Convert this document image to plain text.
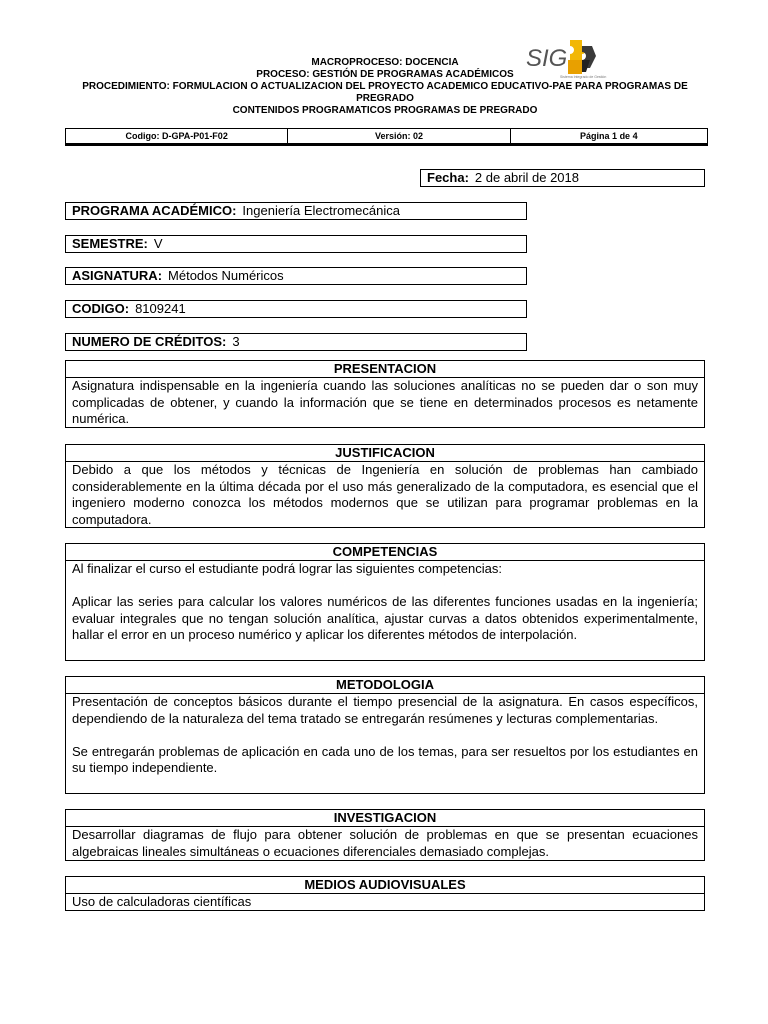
MACROPROCESO: DOCENCIA
PROCESO: GESTIÓN DE PROGRAMAS ACADÉMICOS
PROCEDIMIENTO: FORMULACION O ACTUALIZACION DEL PROYECTO ACADEMICO EDUCATIVO-PAE PARA PROGRAMAS DE
PREGRADO
CONTENIDOS PROGRAMATICOS PROGRAMAS DE PREGRADO
SIG
Sistema Integrado de Gestión
Codigo: D-GPA-P01-F02	Versión: 02	Página 1 de 4
Fecha: 2 de abril de 2018
PROGRAMA ACADÉMICO: Ingeniería Electromecánica
SEMESTRE: V
ASIGNATURA: Métodos Numéricos
CODIGO: 8109241
NUMERO DE CRÉDITOS: 3
PRESENTACION

Asignatura indispensable en la ingeniería cuando las soluciones analíticas no se pueden dar o son muy complicadas de obtener, y cuando la información que se tiene en determinados procesos es netamente numérica.

JUSTIFICACION

Debido a que los métodos y técnicas de Ingeniería en solución de problemas han cambiado considerablemente en la última década por el uso más generalizado de la computadora, es esencial que el ingeniero moderno conozca los métodos modernos que se utilizan para programar problemas en la computadora.

COMPETENCIAS

Al finalizar el curso el estudiante podrá lograr las siguientes competencias:

Aplicar las series para calcular los valores numéricos de las diferentes funciones usadas en la ingeniería; evaluar integrales que no tengan solución analítica, ajustar curvas a datos obtenidos experimentalmente, hallar el error en un proceso numérico y aplicar los diferentes métodos de interpolación.

METODOLOGIA

Presentación de conceptos básicos durante el tiempo presencial de la asignatura. En casos específicos, dependiendo de la naturaleza del tema tratado se entregarán resúmenes y lecturas complementarias.

Se entregarán problemas de aplicación en cada uno de los temas, para ser resueltos por los estudiantes en su tiempo independiente.

INVESTIGACION

Desarrollar diagramas de flujo para obtener solución de problemas en que se presentan ecuaciones algebraicas lineales simultáneas o ecuaciones diferenciales demasiado complejas.

MEDIOS AUDIOVISUALES

Uso de calculadoras científicas
